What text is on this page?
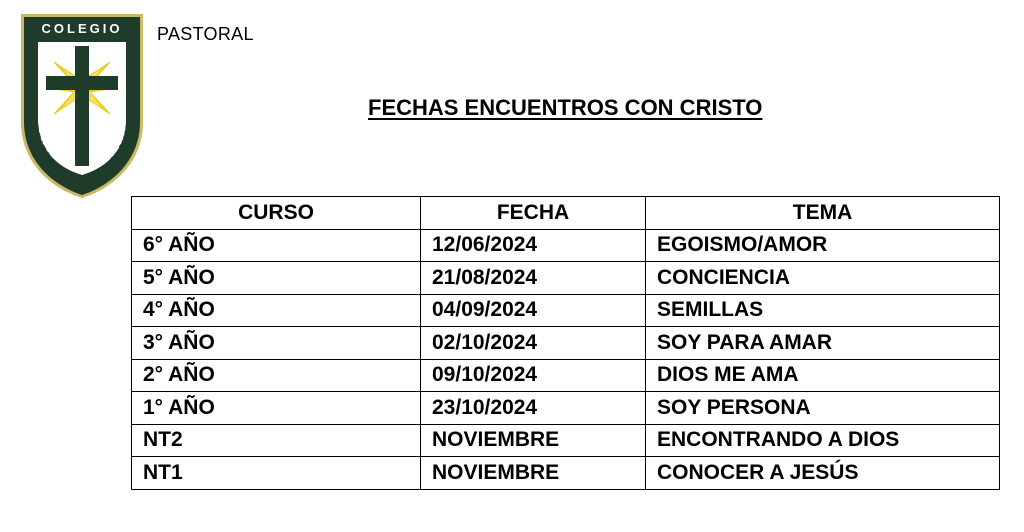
COLEGIO
BEATO DAMIAN DE MOLOKAI
PASTORAL
FECHAS ENCUENTROS CON CRISTO
CURSO	FECHA	TEMA
6° AÑO	12/06/2024	EGOISMO/AMOR
5° AÑO	21/08/2024	CONCIENCIA
4° AÑO	04/09/2024	SEMILLAS
3° AÑO	02/10/2024	SOY PARA AMAR
2° AÑO	09/10/2024	DIOS ME AMA
1° AÑO	23/10/2024	SOY PERSONA
NT2	NOVIEMBRE	ENCONTRANDO A DIOS
NT1	NOVIEMBRE	CONOCER A JESÚS
